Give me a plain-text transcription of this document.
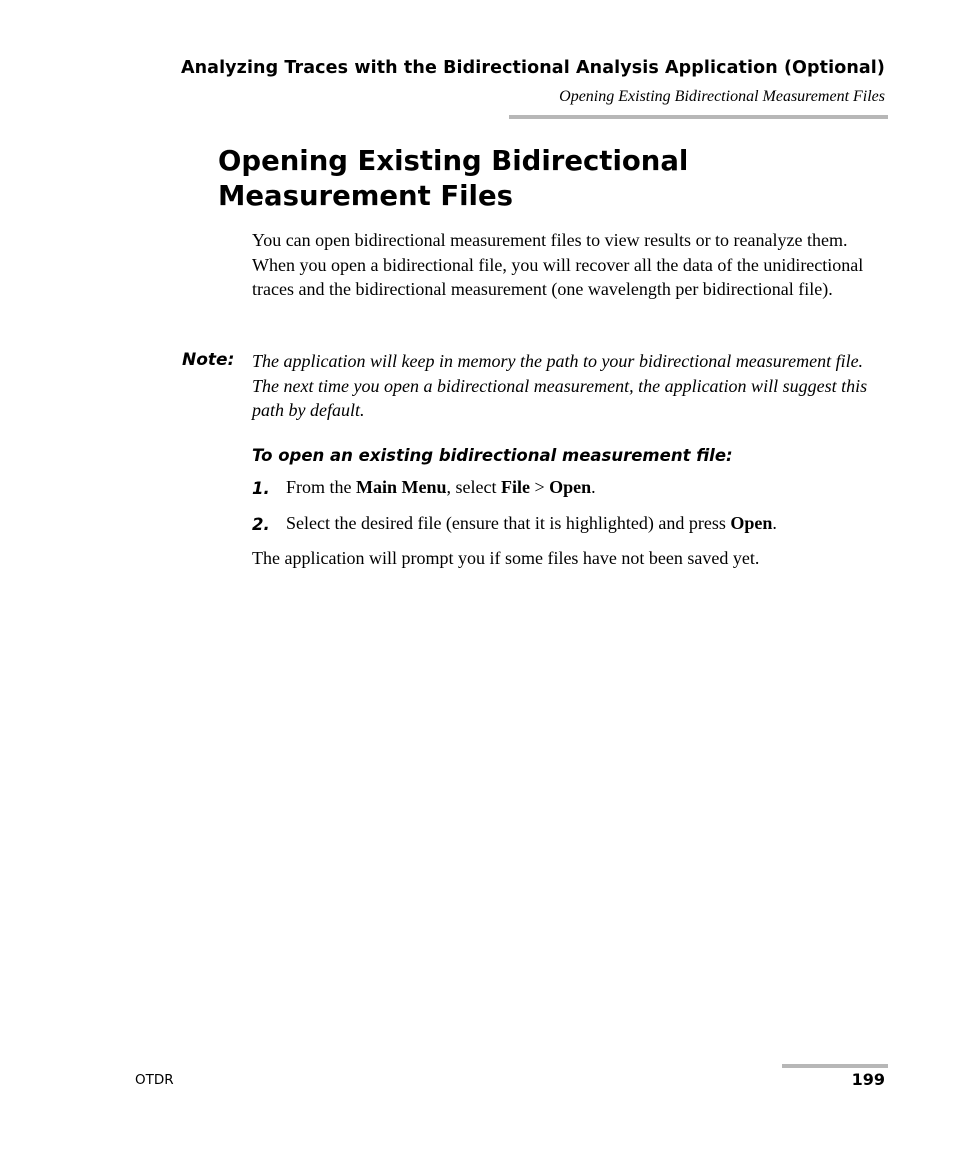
Analyzing Traces with the Bidirectional Analysis Application (Optional)
Opening Existing Bidirectional Measurement Files
Opening Existing Bidirectional Measurement Files

You can open bidirectional measurement files to view results or to reanalyze them. When you open a bidirectional file, you will recover all the data of the unidirectional traces and the bidirectional measurement (one wavelength per bidirectional file).

Note: The application will keep in memory the path to your bidirectional measurement file. The next time you open a bidirectional measurement, the application will suggest this path by default.

To open an existing bidirectional measurement file:
1. From the Main Menu, select File > Open.
2. Select the desired file (ensure that it is highlighted) and press Open.

The application will prompt you if some files have not been saved yet.

OTDR	199
